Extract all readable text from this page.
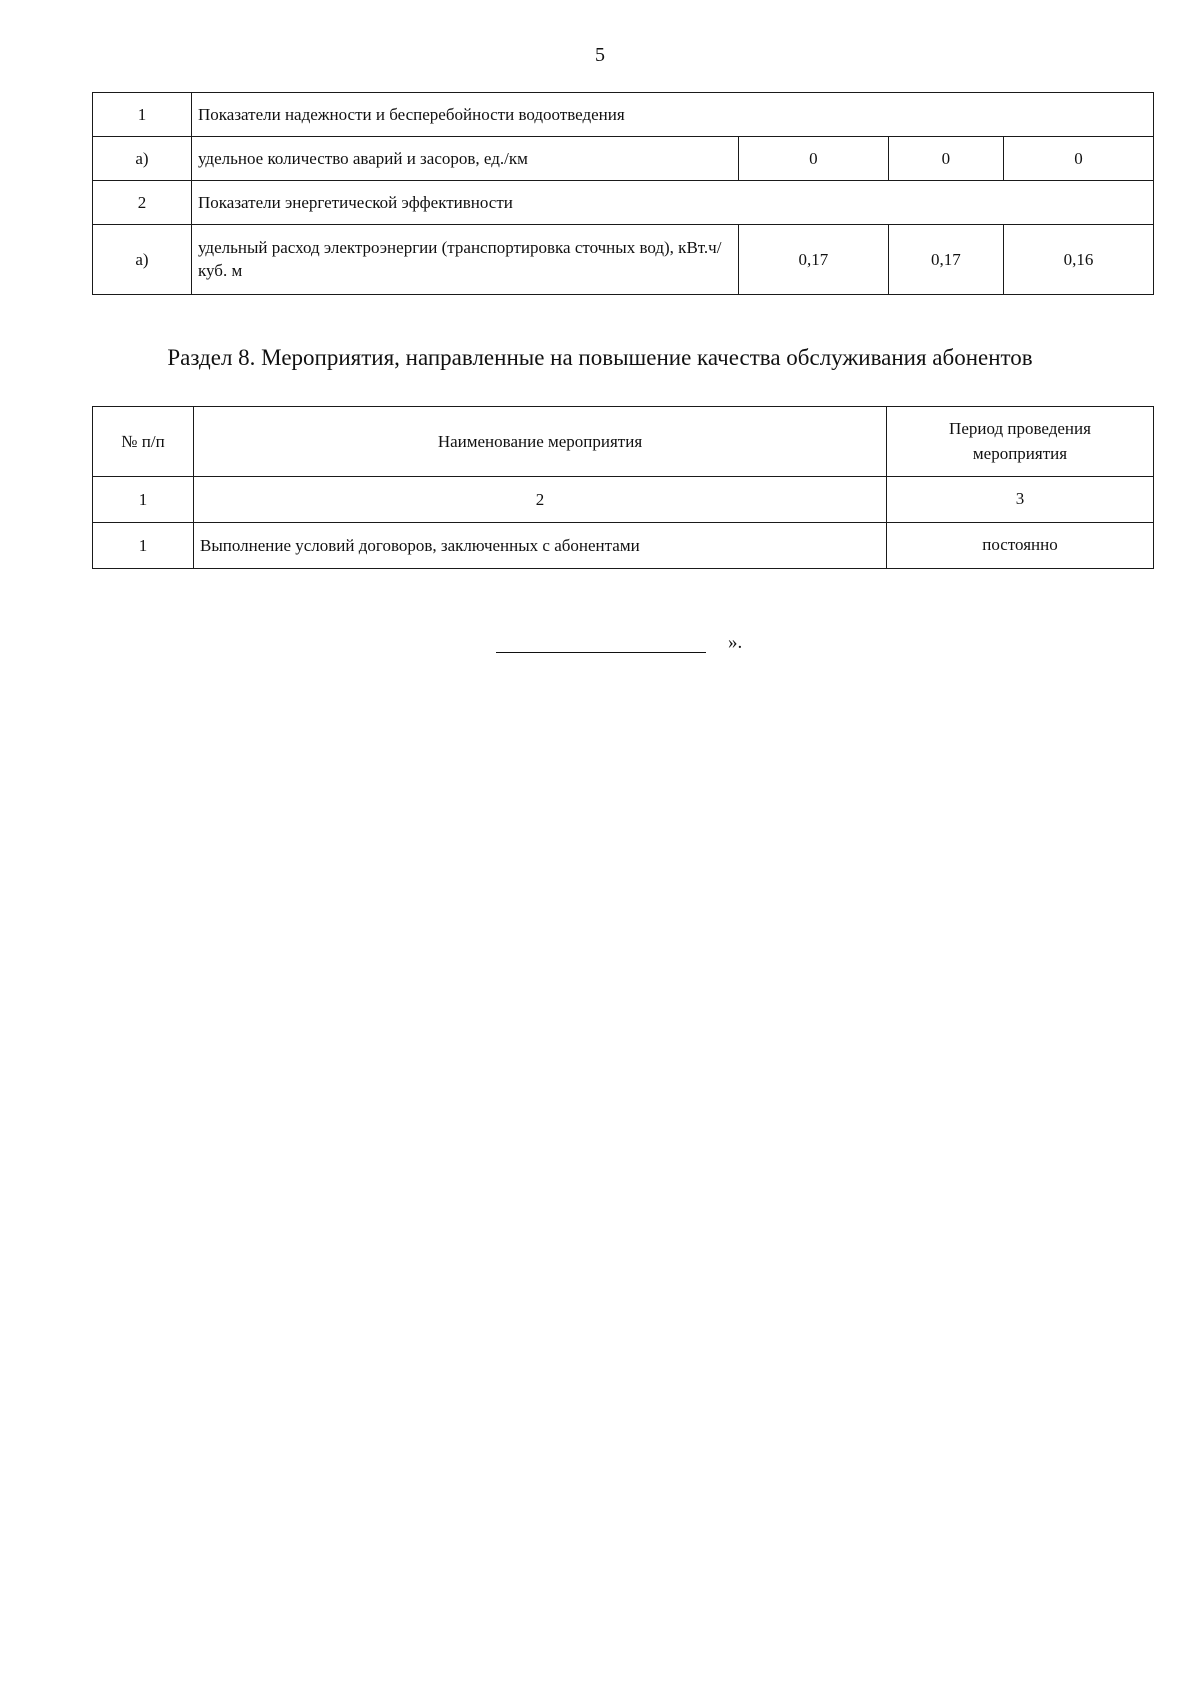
5
1	Показатели надежности и бесперебойности водоотведения			
а)	удельное количество аварий и засоров, ед./км	0	0	0
2	Показатели энергетической эффективности			
а)	удельный расход электроэнергии (транспортировка сточных вод), кВт.ч/куб. м	0,17	0,17	0,16
Раздел 8. Мероприятия, направленные на повышение качества обслуживания абонентов
№ п/п	Наименование мероприятия	Период проведения
мероприятия

1	2	3
1	Выполнение условий договоров, заключенных с абонентами	постоянно
».
